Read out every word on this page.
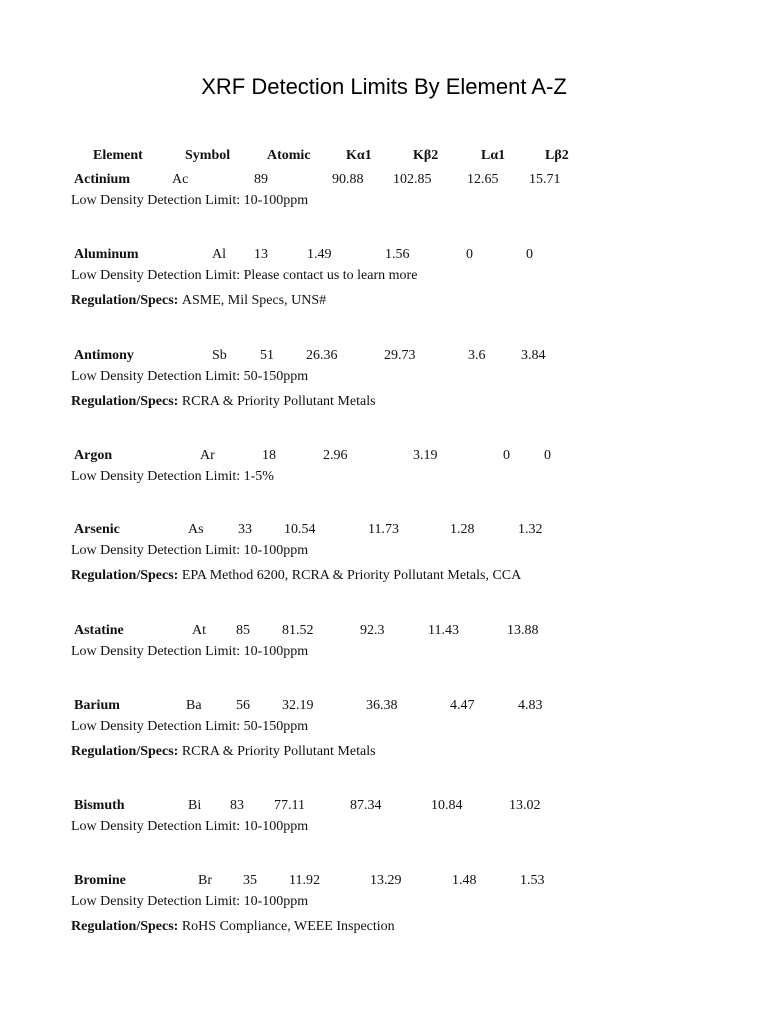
XRF Detection Limits By Element A-Z
Element	Symbol	Atomic	Kα1	Kβ2	Lα1	Lβ2
Actinium	Ac	89	90.88 102.85	12.65 15.71
Low Density Detection Limit: 10-100ppm
Aluminum	Al 13	1.49	1.56	0	0
Low Density Detection Limit: Please contact us to learn more
Regulation/Specs: ASME, Mil Specs, UNS#
Antimony	Sb 51 26.36	29.73	3.6	3.84
Low Density Detection Limit: 50-150ppm
Regulation/Specs: RCRA & Priority Pollutant Metals
Argon	Ar	18	2.96	3.19	0 0
Low Density Detection Limit: 1-5%
Arsenic	As 33 10.54	11.73	1.28	1.32
Low Density Detection Limit: 10-100ppm
Regulation/Specs: EPA Method 6200, RCRA & Priority Pollutant Metals, CCA
Astatine	At 85 81.52	92.3	11.43	13.88
Low Density Detection Limit: 10-100ppm
Barium	Ba 56 32.19	36.38	4.47	4.83
Low Density Detection Limit: 50-150ppm
Regulation/Specs: RCRA & Priority Pollutant Metals
Bismuth	Bi 83 77.11	87.34	10.84	13.02
Low Density Detection Limit: 10-100ppm
Bromine	Br 35 11.92	13.29	1.48	1.53
Low Density Detection Limit: 10-100ppm
Regulation/Specs: RoHS Compliance, WEEE Inspection
